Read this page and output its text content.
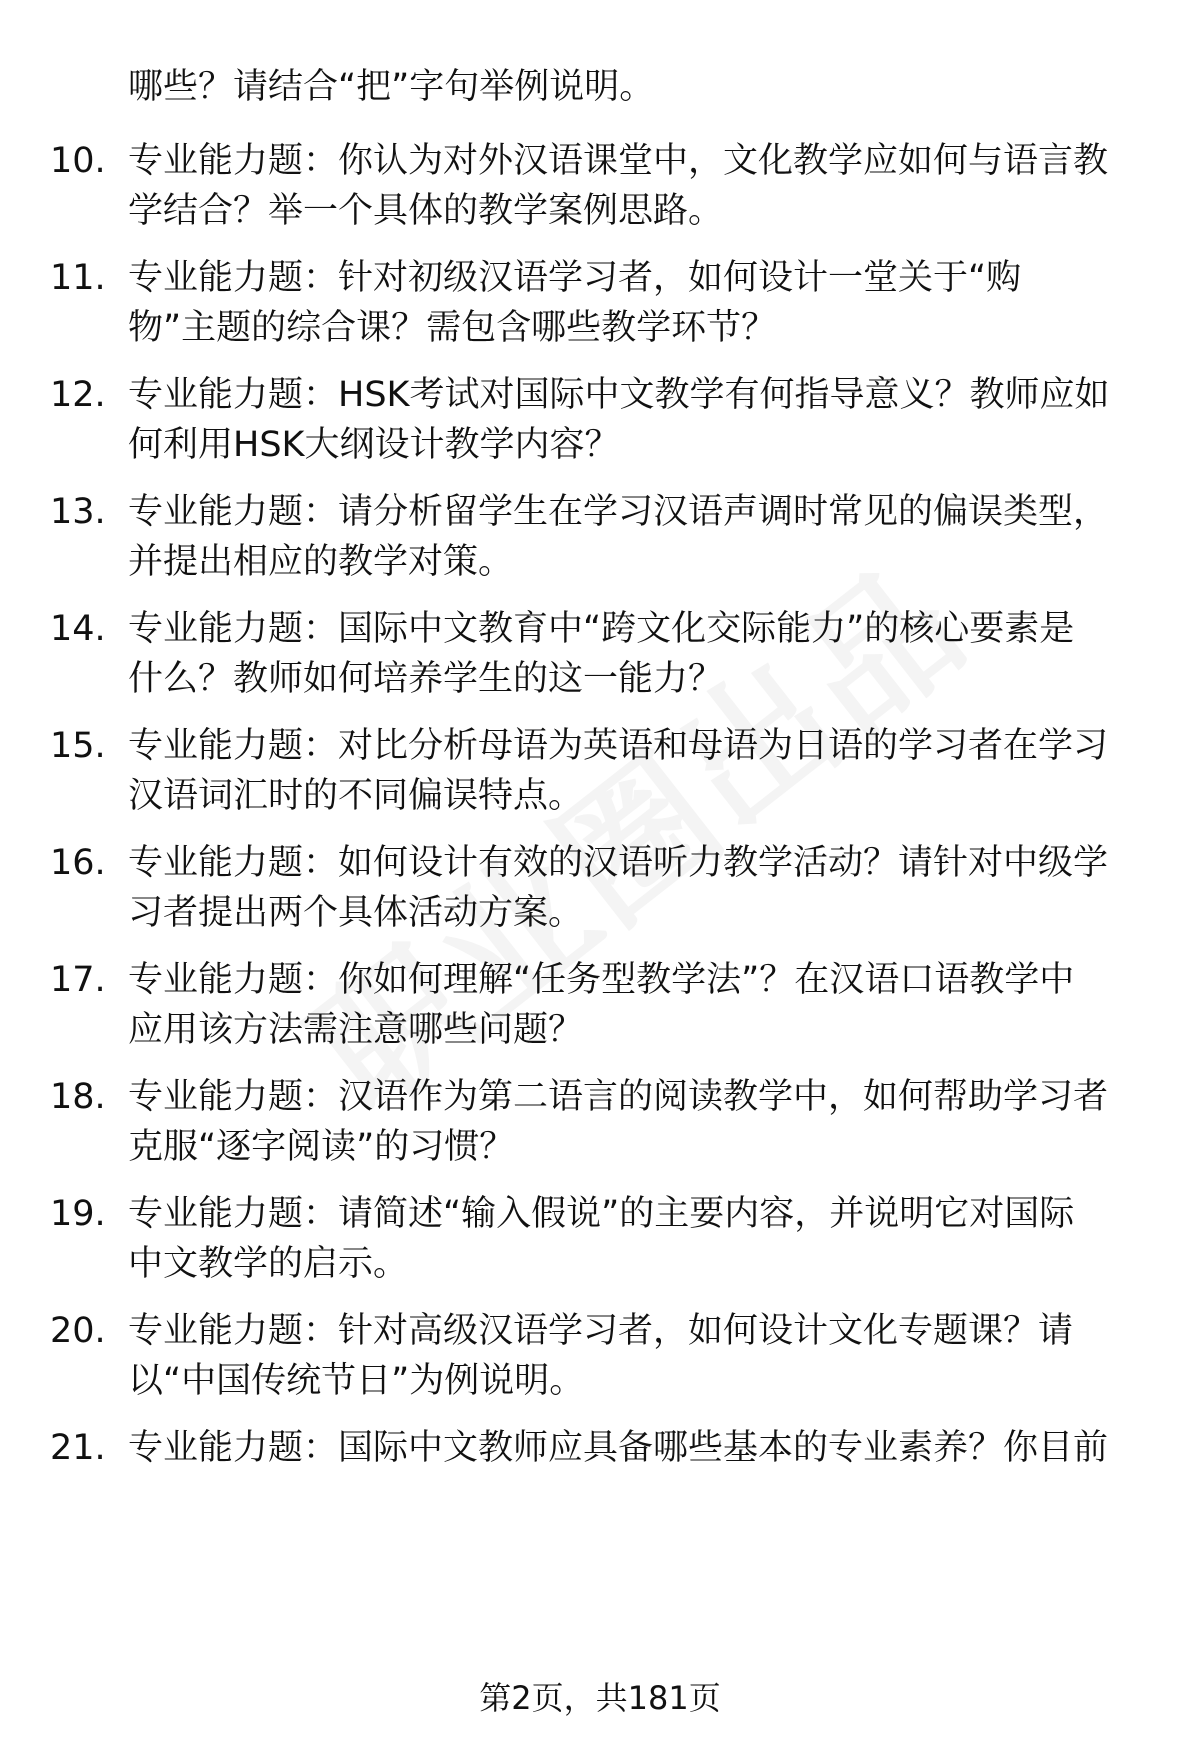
哪些？请结合“把”字句举例说明。
10. 专业能力题：你认为对外汉语课堂中，文化教学应如何与语言教
学结合？举一个具体的教学案例思路。
11. 专业能力题：针对初级汉语学习者，如何设计一堂关于“购
物”主题的综合课？需包含哪些教学环节？
12. 专业能力题：HSK考试对国际中文教学有何指导意义？教师应如
何利用HSK大纲设计教学内容？
13. 专业能力题：请分析留学生在学习汉语声调时常见的偏误类型，
并提出相应的教学对策。
14. 专业能力题：国际中文教育中“跨文化交际能力”的核心要素是
什么？教师如何培养学生的这一能力？
15. 专业能力题：对比分析母语为英语和母语为日语的学习者在学习
汉语词汇时的不同偏误特点。
16. 专业能力题：如何设计有效的汉语听力教学活动？请针对中级学
习者提出两个具体活动方案。
17. 专业能力题：你如何理解“任务型教学法”？在汉语口语教学中
应用该方法需注意哪些问题？
18. 专业能力题：汉语作为第二语言的阅读教学中，如何帮助学习者
克服“逐字阅读”的习惯？
19. 专业能力题：请简述“输入假说”的主要内容，并说明它对国际
中文教学的启示。
20. 专业能力题：针对高级汉语学习者，如何设计文化专题课？请
以“中国传统节日”为例说明。
21. 专业能力题：国际中文教师应具备哪些基本的专业素养？你目前
第2页，共181页
